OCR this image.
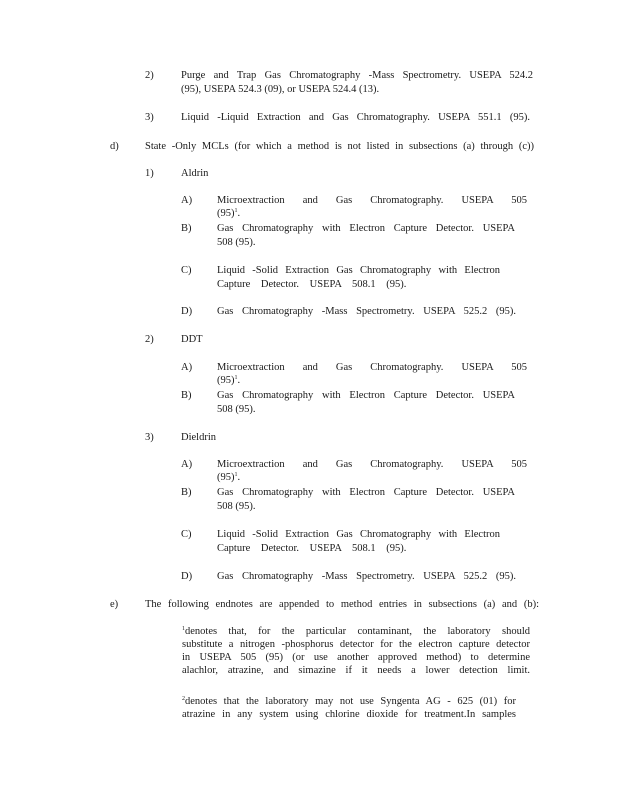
2)	Purge and Trap Gas Chromatography -Mass Spectrometry. USEPA 524.2
(95), USEPA 524.3 (09), or USEPA 524.4 (13).
3)	Liquid -Liquid Extraction and Gas Chromatography. USEPA 551.1 (95).
d)	State -Only MCLs (for which a method is not listed in subsections (a) through (c))
1)	Aldrin
A) Microextraction and Gas Chromatography. USEPA 505 $(95)^1$.
B) Gas Chromatography with Electron Capture Detector. USEPA
508 (95).
C) Liquid -Solid Extraction Gas Chromatography with Electron
Capture Detector. USEPA 508.1 (95).
D) Gas Chromatography -Mass Spectrometry. USEPA 525.2 (95).
2)	DDT
A) Microextraction and Gas Chromatography. USEPA 505 $(95)^1$.
B) Gas Chromatography with Electron Capture Detector. USEPA
508 (95).
3)	Dieldrin
A) Microextraction and Gas Chromatography. USEPA 505 $(95)^1$.
B) Gas Chromatography with Electron Capture Detector. USEPA
508 (95).
C) Liquid -Solid Extraction Gas Chromatography with Electron
Capture Detector. USEPA 508.1 (95).
D) Gas Chromatography -Mass Spectrometry. USEPA 525.2 (95).
e)	The following endnotes are appended to method entries in subsections (a) and (b):
$^1$denotes that, for the particular contaminant, the laboratory should
substitute a nitrogen -phosphorus detector for the electron capture detector
in USEPA 505 (95) (or use another approved method) to determine
alachlor, atrazine, and simazine if it needs a lower detection limit.
$^2$denotes that the laboratory may not use Syngenta AG - 625 (01) for
atrazine in any system using chlorine dioxide for treatment.In samples
